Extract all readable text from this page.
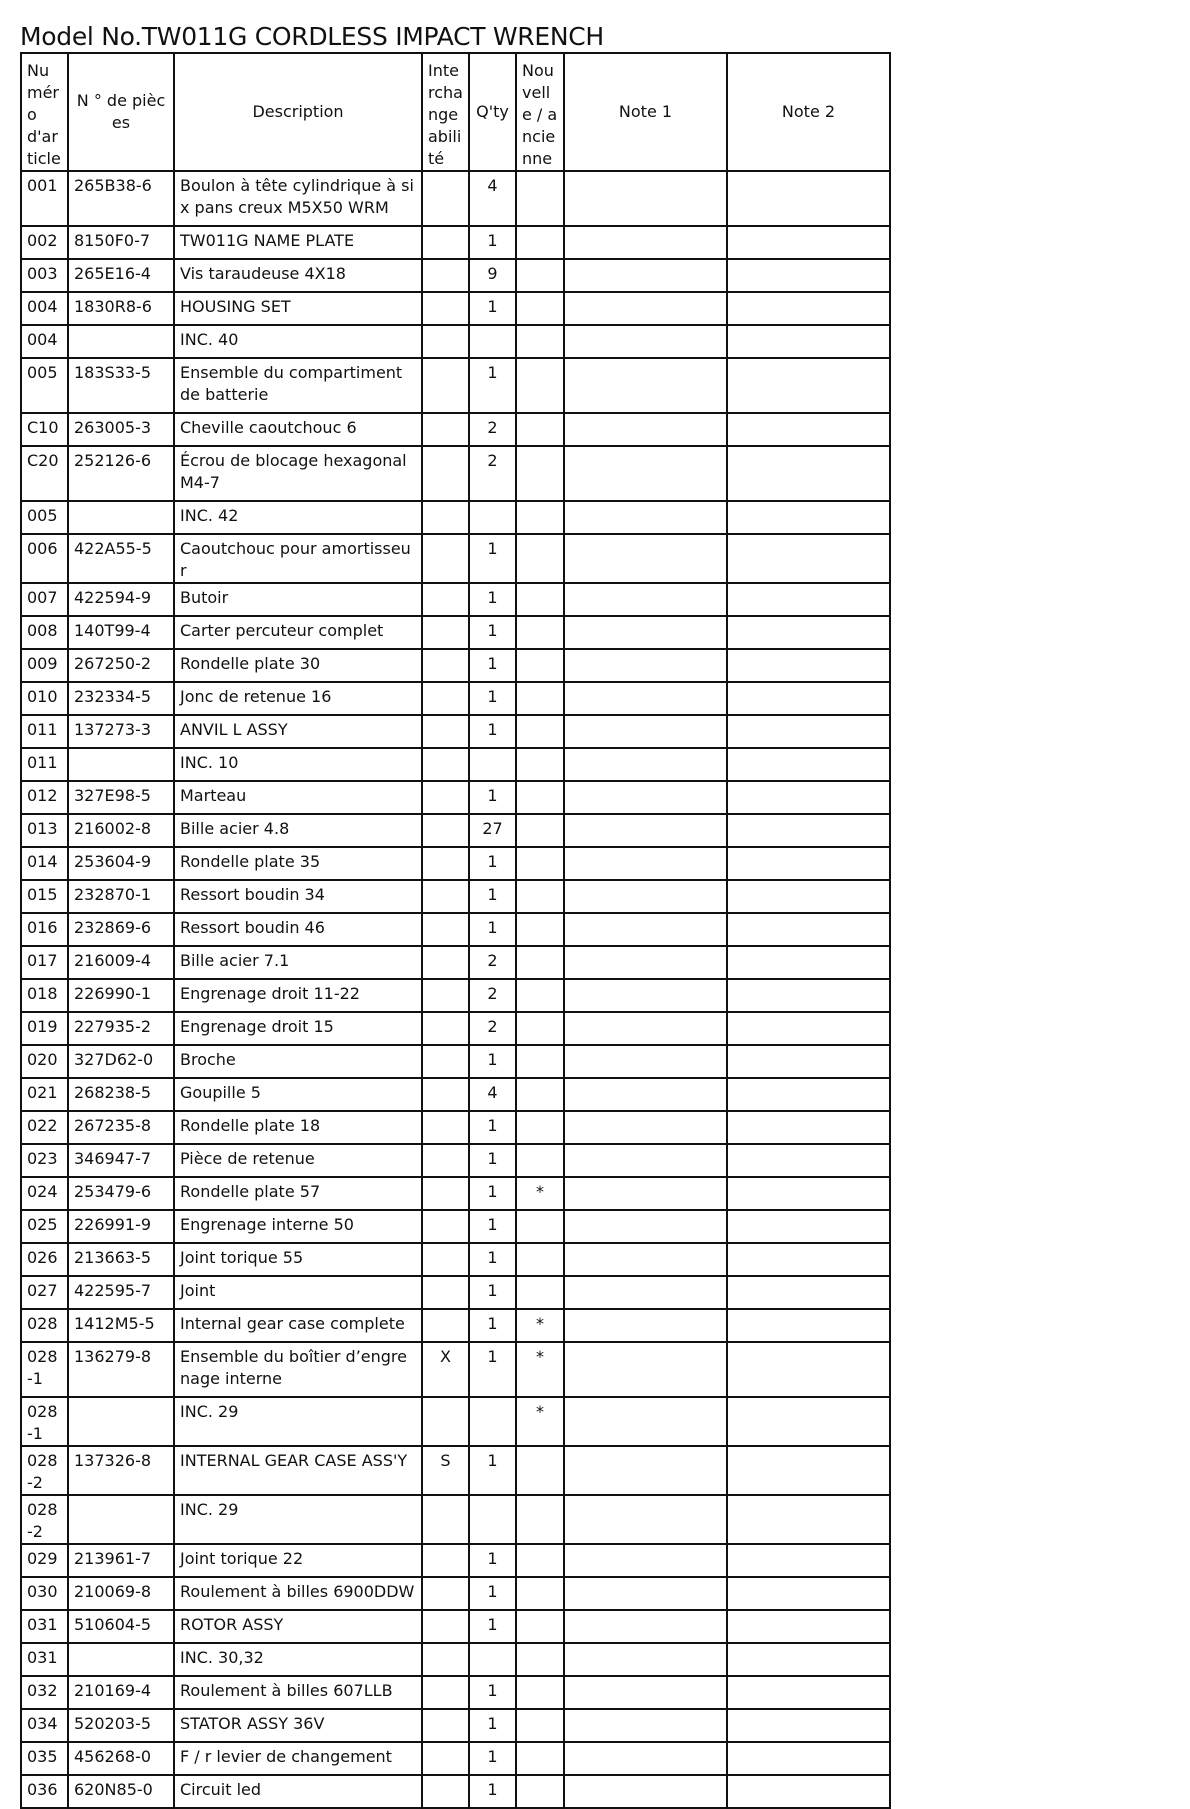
Model No.TW011G CORDLESS IMPACT WRENCH
Numéro d'article	N ° de pièces	Description	Interchangeabilité	Q'ty	Nouvelle / ancienne	Note 1	Note 2
001	265B38-6	Boulon à tête cylindrique à six pans creux M5X50 WRM		4			
002	8150F0-7	TW011G NAME PLATE		1			
003	265E16-4	Vis taraudeuse 4X18		9			
004	1830R8-6	HOUSING SET		1			
004		INC. 40					
005	183S33-5	Ensemble du compartiment de batterie		1			
C10	263005-3	Cheville caoutchouc 6		2			
C20	252126-6	Écrou de blocage hexagonal M4-7		2			
005		INC. 42					
006	422A55-5	Caoutchouc pour amortisseur		1			
007	422594-9	Butoir		1			
008	140T99-4	Carter percuteur complet		1			
009	267250-2	Rondelle plate 30		1			
010	232334-5	Jonc de retenue 16		1			
011	137273-3	ANVIL L ASSY		1			
011		INC. 10					
012	327E98-5	Marteau		1			
013	216002-8	Bille acier 4.8		27			
014	253604-9	Rondelle plate 35		1			
015	232870-1	Ressort boudin 34		1			
016	232869-6	Ressort boudin 46		1			
017	216009-4	Bille acier 7.1		2			
018	226990-1	Engrenage droit 11-22		2			
019	227935-2	Engrenage droit 15		2			
020	327D62-0	Broche		1			
021	268238-5	Goupille 5		4			
022	267235-8	Rondelle plate 18		1			
023	346947-7	Pièce de retenue		1			
024	253479-6	Rondelle plate 57		1	*		
025	226991-9	Engrenage interne 50		1			
026	213663-5	Joint torique 55		1			
027	422595-7	Joint		1			
028	1412M5-5	Internal gear case complete		1	*		
028-1	136279-8	Ensemble du boîtier d’engrenage interne	X	1	*		
028-1		INC. 29			*		
028-2	137326-8	INTERNAL GEAR CASE ASS'Y	S	1			
028-2		INC. 29					
029	213961-7	Joint torique 22		1			
030	210069-8	Roulement à billes 6900DDW		1			
031	510604-5	ROTOR ASSY		1			
031		INC. 30,32					
032	210169-4	Roulement à billes 607LLB		1			
034	520203-5	STATOR ASSY 36V		1			
035	456268-0	F / r levier de changement		1			
036	620N85-0	Circuit led		1			
